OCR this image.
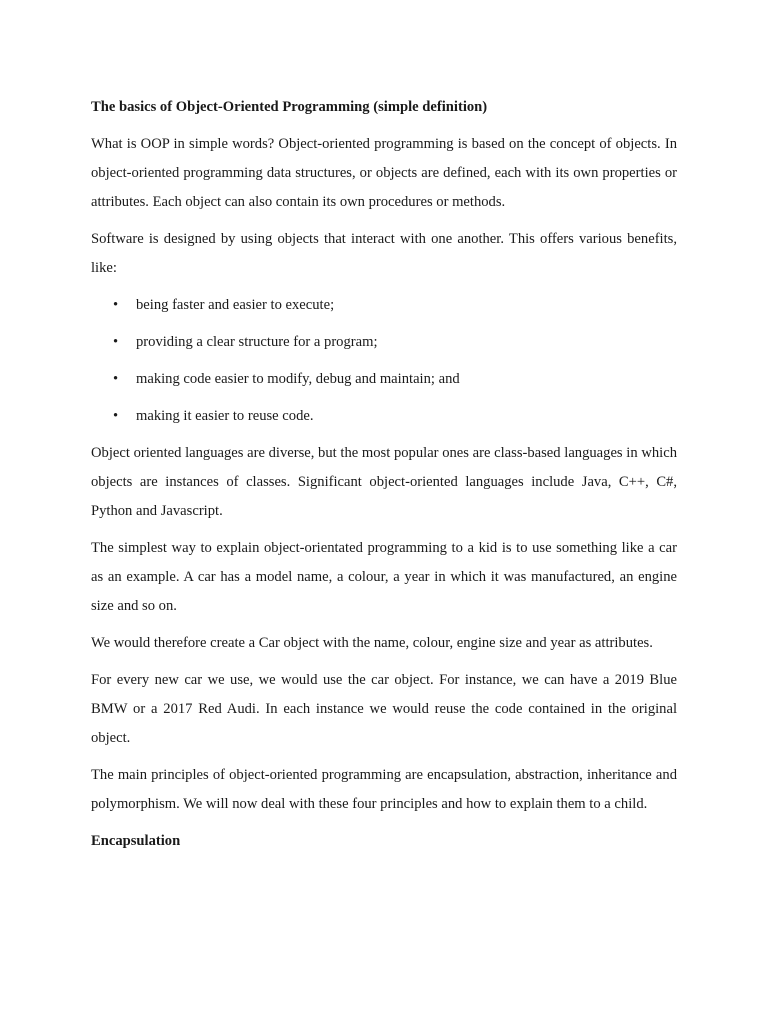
The basics of Object-Oriented Programming (simple definition)

What is OOP in simple words? Object-oriented programming is based on the concept of objects. In object-oriented programming data structures, or objects are defined, each with its own properties or attributes. Each object can also contain its own procedures or methods.

Software is designed by using objects that interact with one another. This offers various benefits, like:

• being faster and easier to execute;
• providing a clear structure for a program;
• making code easier to modify, debug and maintain; and
• making it easier to reuse code.

Object oriented languages are diverse, but the most popular ones are class-based languages in which objects are instances of classes. Significant object-oriented languages include Java, C++, C#, Python and Javascript.

The simplest way to explain object-orientated programming to a kid is to use something like a car as an example. A car has a model name, a colour, a year in which it was manufactured, an engine size and so on.

We would therefore create a Car object with the name, colour, engine size and year as attributes.

For every new car we use, we would use the car object. For instance, we can have a 2019 Blue BMW or a 2017 Red Audi. In each instance we would reuse the code contained in the original object.

The main principles of object-oriented programming are encapsulation, abstraction, inheritance and polymorphism. We will now deal with these four principles and how to explain them to a child.

Encapsulation
